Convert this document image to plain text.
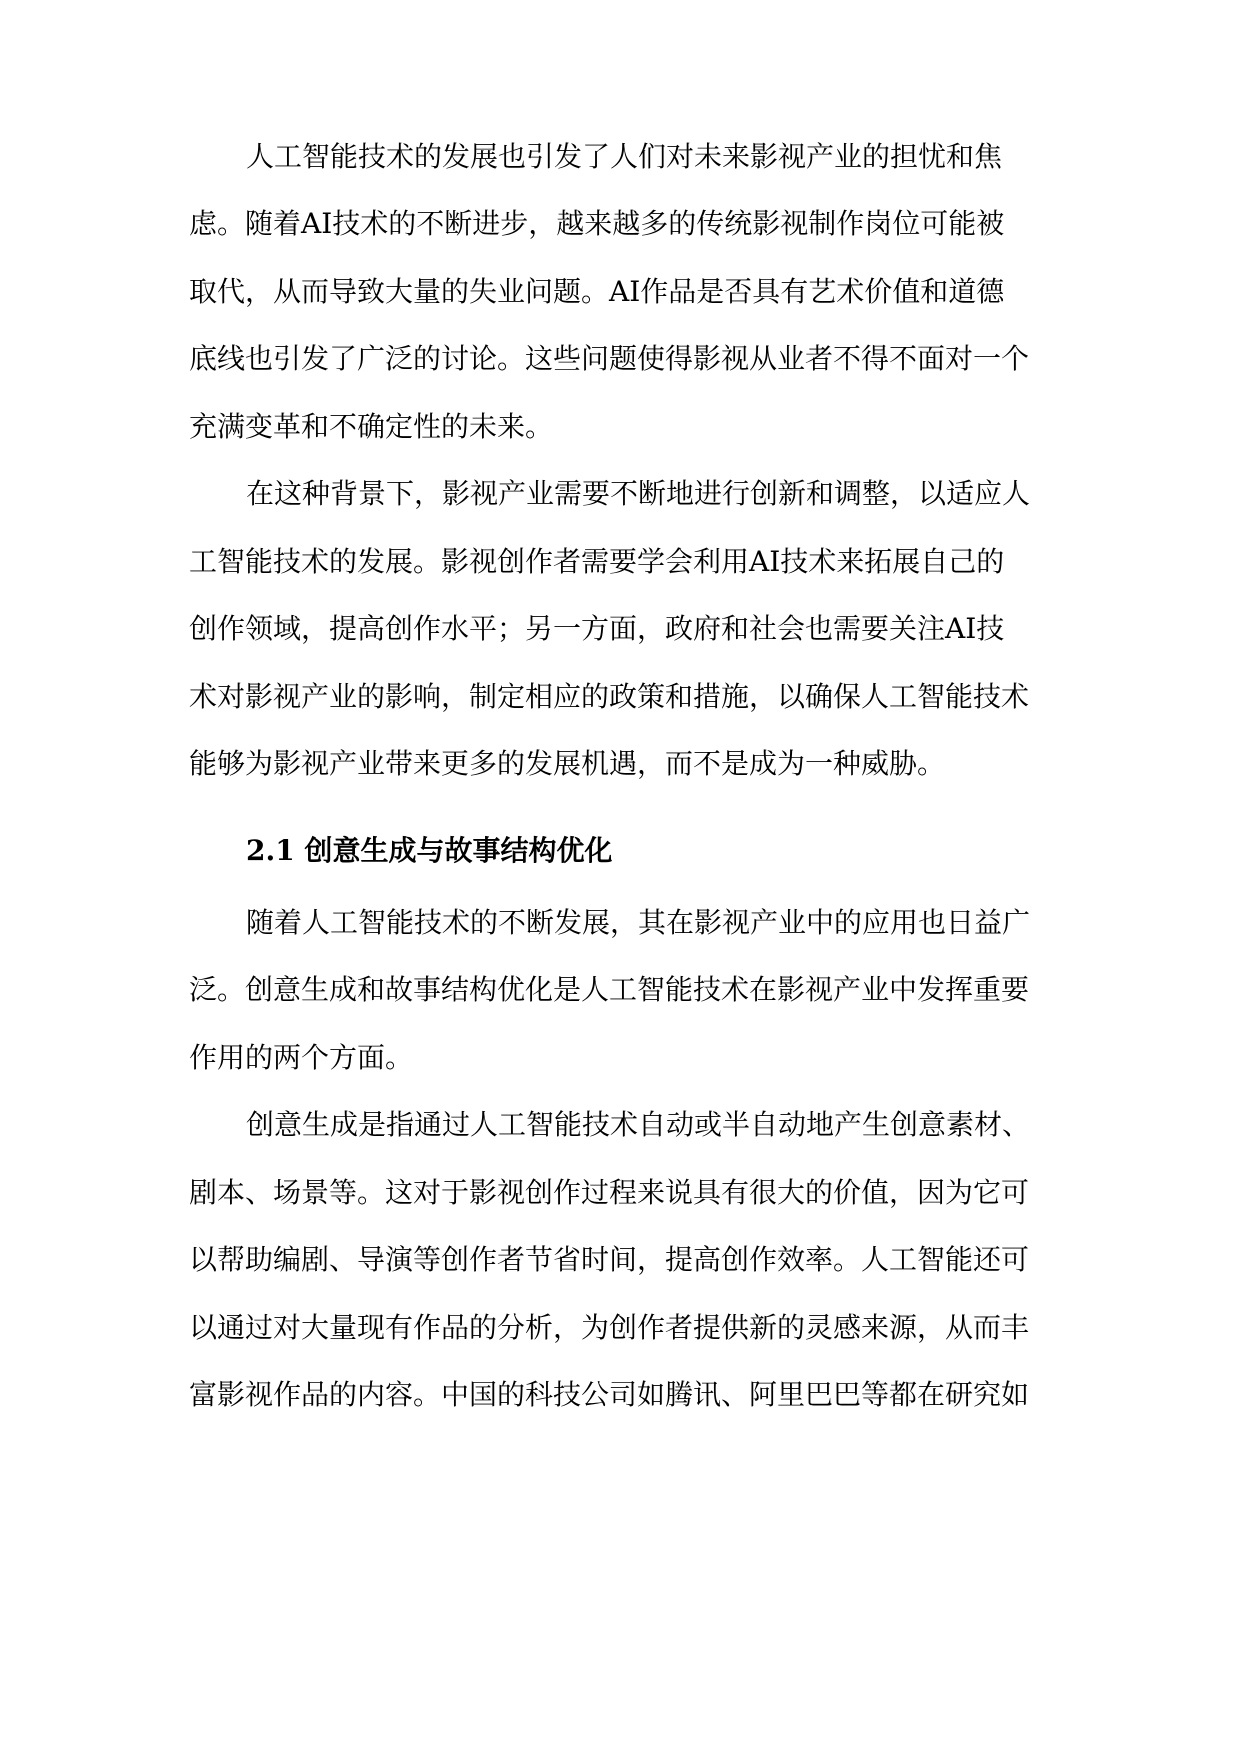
人工智能技术的发展也引发了人们对未来影视产业的担忧和焦
虑。随着AI技术的不断进步，越来越多的传统影视制作岗位可能被
取代，从而导致大量的失业问题。AI作品是否具有艺术价值和道德
底线也引发了广泛的讨论。这些问题使得影视从业者不得不面对一个
充满变革和不确定性的未来。
在这种背景下，影视产业需要不断地进行创新和调整，以适应人
工智能技术的发展。影视创作者需要学会利用AI技术来拓展自己的
创作领域，提高创作水平；另一方面，政府和社会也需要关注AI技
术对影视产业的影响，制定相应的政策和措施，以确保人工智能技术
能够为影视产业带来更多的发展机遇，而不是成为一种威胁。
2.1 创意生成与故事结构优化
随着人工智能技术的不断发展，其在影视产业中的应用也日益广
泛。创意生成和故事结构优化是人工智能技术在影视产业中发挥重要
作用的两个方面。
创意生成是指通过人工智能技术自动或半自动地产生创意素材、
剧本、场景等。这对于影视创作过程来说具有很大的价值，因为它可
以帮助编剧、导演等创作者节省时间，提高创作效率。人工智能还可
以通过对大量现有作品的分析，为创作者提供新的灵感来源，从而丰
富影视作品的内容。中国的科技公司如腾讯、阿里巴巴等都在研究如
